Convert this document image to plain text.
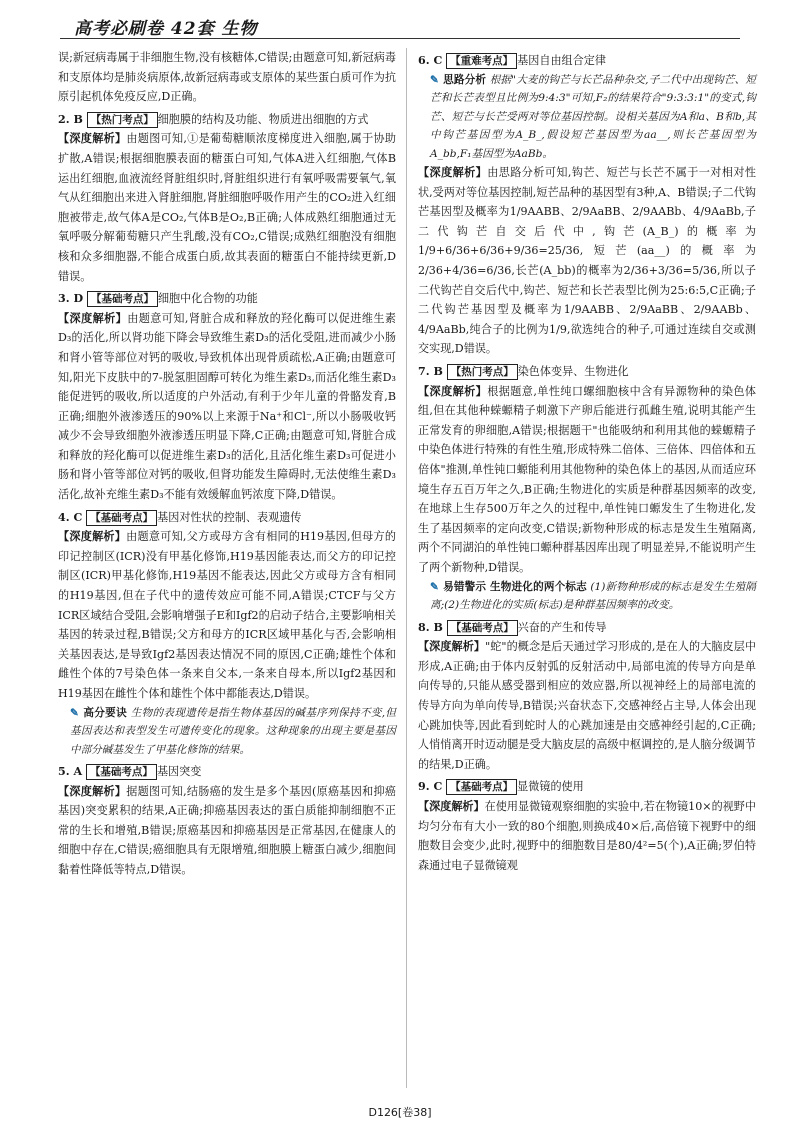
高考必刷卷 42套 生物

误;新冠病毒属于非细胞生物,没有核糖体,C错误;由题意可知,新冠病毒和支原体均是肺炎病原体,故新冠病毒或支原体的某些蛋白质可作为抗原引起机体免疫反应,D正确。

2. B 【热门考点】 细胞膜的结构及功能、物质进出细胞的方式

【深度解析】由题图可知,①是葡萄糖顺浓度梯度进入细胞,属于协助扩散,A错误;根据细胞膜表面的糖蛋白可知,气体A进入红细胞,气体B运出红细胞,血液流经肾脏组织时,肾脏组织进行有氧呼吸需要氧气,氧气从红细胞出来进入肾脏细胞,肾脏细胞呼吸作用产生的CO₂进入红细胞被带走,故气体A是CO₂,气体B是O₂,B正确;人体成熟红细胞通过无氧呼吸分解葡萄糖只产生乳酸,没有CO₂,C错误;成熟红细胞没有细胞核和众多细胞器,不能合成蛋白质,故其表面的糖蛋白不能持续更新,D错误。

3. D 【基础考点】 细胞中化合物的功能

【深度解析】由题意可知,肾脏合成和释放的羟化酶可以促进维生素D₃的活化,所以肾功能下降会导致维生素D₃的活化受阻,进而减少小肠和肾小管等部位对钙的吸收,导致机体出现骨质疏松,A正确;由题意可知,阳光下皮肤中的7-脱氢胆固醇可转化为维生素D₃,而活化维生素D₃能促进钙的吸收,所以适度的户外活动,有利于少年儿童的骨骼发育,B正确;细胞外液渗透压的90%以上来源于Na⁺和Cl⁻,所以小肠吸收钙减少不会导致细胞外液渗透压明显下降,C正确;由题意可知,肾脏合成和释放的羟化酶可以促进维生素D₃的活化,且活化维生素D₃可促进小肠和肾小管等部位对钙的吸收,但肾功能发生障碍时,无法使维生素D₃活化,故补充维生素D₃不能有效缓解血钙浓度下降,D错误。

4. C 【基础考点】 基因对性状的控制、表观遗传

【深度解析】由题意可知,父方或母方含有相同的H19基因,但母方的印记控制区(ICR)没有甲基化修饰,H19基因能表达,而父方的印记控制区(ICR)甲基化修饰,H19基因不能表达,因此父方或母方含有相同的H19基因,但在子代中的遗传效应可能不同,A错误;CTCF与父方ICR区域结合受阻,会影响增强子E和Igf2的启动子结合,主要影响相关基因的转录过程,B错误;父方和母方的ICR区域甲基化与否,会影响相关基因表达,是导致Igf2基因表达情况不同的原因,C正确;雄性个体和雌性个体的7号染色体一条来自父本,一条来自母本,所以Igf2基因和H19基因在雌性个体和雄性个体中都能表达,D错误。

✎ 高分要诀 生物的表现遗传是指生物体基因的碱基序列保持不变,但基因表达和表型发生可遗传变化的现象。这种现象的出现主要是基因中部分碱基发生了甲基化修饰的结果。

5. A 【基础考点】 基因突变

【深度解析】据题图可知,结肠癌的发生是多个基因(原癌基因和抑癌基因)突变累积的结果,A正确;抑癌基因表达的蛋白质能抑制细胞不正常的生长和增殖,B错误;原癌基因和抑癌基因是正常基因,在健康人的细胞中存在,C错误;癌细胞具有无限增殖,细胞膜上糖蛋白减少,细胞间黏着性降低等特点,D错误。

6. C 【重难考点】 基因自由组合定律

✎ 思路分析 根据"大麦的钩芒与长芒品种杂交,子二代中出现钩芒、短芒和长芒表型且比例为9:4:3"可知,F₂的结果符合"9:3:3:1"的变式,钩芒、短芒与长芒受两对等位基因控制。设相关基因为A和a、B和b,其中钩芒基因型为A_B_,假设短芒基因型为aa__,则长芒基因型为A_bb,F₁基因型为AaBb。

【深度解析】由思路分析可知,钩芒、短芒与长芒不属于一对相对性状,受两对等位基因控制,短芒品种的基因型有3种,A、B错误;子二代钩芒基因型及概率为1/9AABB、2/9AaBB、2/9AABb、4/9AaBb,子二代钩芒自交后代中,钩芒(A_B_)的概率为1/9+6/36+6/36+9/36=25/36,短芒(aa__)的概率为2/36+4/36=6/36,长芒(A_bb)的概率为2/36+3/36=5/36,所以子二代钩芒自交后代中,钩芒、短芒和长芒表型比例为25:6:5,C正确;子二代钩芒基因型及概率为1/9AABB、2/9AaBB、2/9AABb、4/9AaBb,纯合子的比例为1/9,欲选纯合的种子,可通过连续自交或测交实现,D错误。

7. B 【热门考点】 染色体变异、生物进化

【深度解析】根据题意,单性纯口螺细胞核中含有异源物种的染色体组,但在其他种蝾螈精子刺激下产卵后能进行孤雌生殖,说明其能产生正常发育的卵细胞,A错误;根据题干"也能吸纳和利用其他的蝾螈精子中染色体进行特殊的有性生殖,形成特殊二倍体、三倍体、四倍体和五倍体"推测,单性钝口螈能利用其他物种的染色体上的基因,从而适应环境生存五百万年之久,B正确;生物进化的实质是种群基因频率的改变,在地球上生存500万年之久的过程中,单性钝口螈发生了生物进化,发生了基因频率的定向改变,C错误;新物种形成的标志是发生生殖隔离,两个不同湖泊的单性钝口螈种群基因库出现了明显差异,不能说明产生了两个新物种,D错误。

✎ 易错警示 生物进化的两个标志 (1)新物种形成的标志是发生生殖隔离;(2)生物进化的实质(标志)是种群基因频率的改变。

8. B 【基础考点】 兴奋的产生和传导

【深度解析】"蛇"的概念是后天通过学习形成的,是在人的大脑皮层中形成,A正确;由于体内反射弧的反射活动中,局部电流的传导方向是单向传导的,只能从感受器到相应的效应器,所以视神经上的局部电流的传导方向为单向传导,B错误;兴奋状态下,交感神经占主导,人体会出现心跳加快等,因此看到蛇时人的心跳加速是由交感神经引起的,C正确;人悄悄离开时迈动腿是受大脑皮层的高级中枢调控的,是人脑分级调节的结果,D正确。

9. C 【基础考点】 显微镜的使用

【深度解析】在使用显微镜观察细胞的实验中,若在物镜10×的视野中均匀分布有大小一致的80个细胞,则换成40×后,高倍镜下视野中的细胞数目会变少,此时,视野中的细胞数目是80/4²=5(个),A正确;罗伯特森通过电子显微镜观

D126[卷38]
